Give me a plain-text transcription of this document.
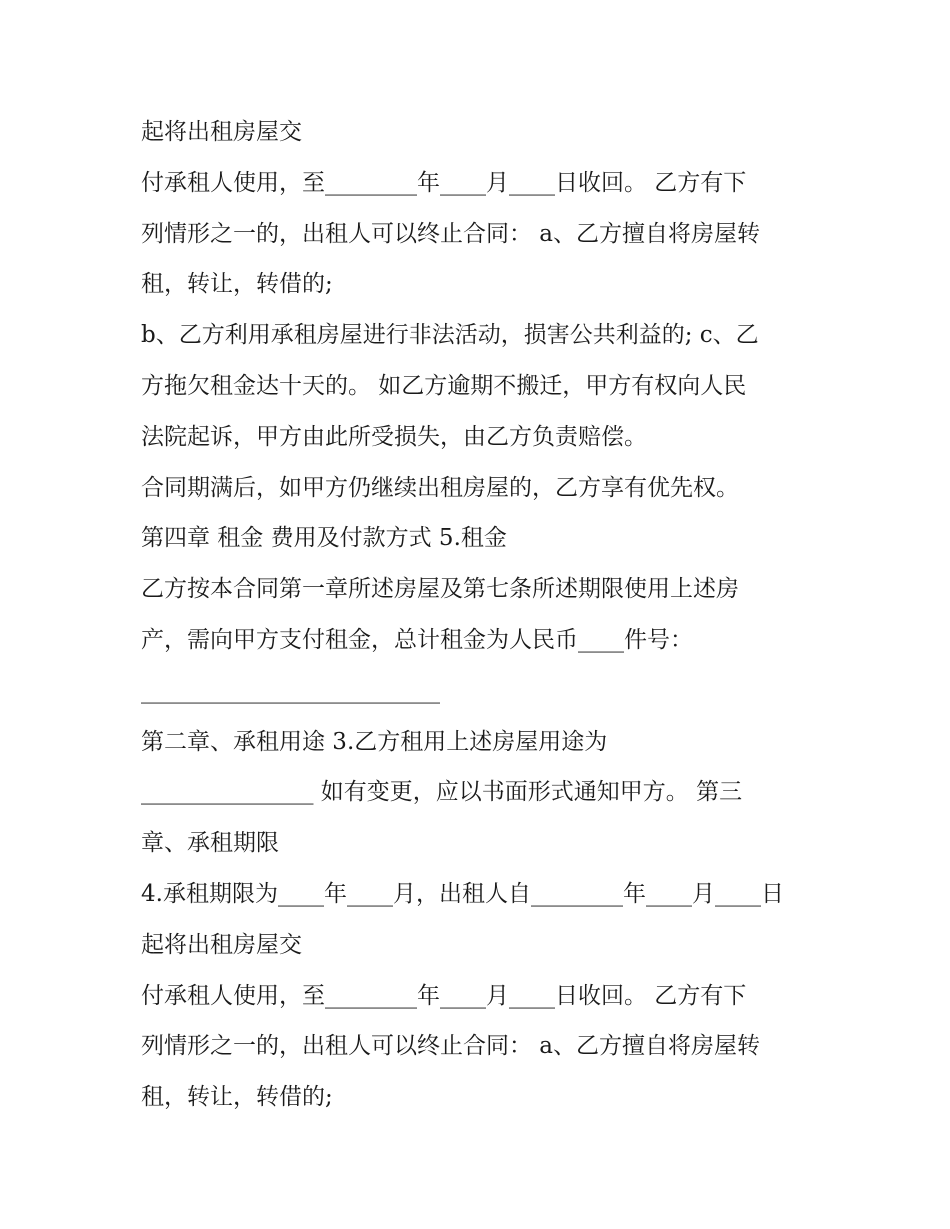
起将出租房屋交
付承租人使用，至________年____月____日收回。 乙方有下
列情形之一的，出租人可以终止合同： a、乙方擅自将房屋转
租，转让，转借的;
b、乙方利用承租房屋进行非法活动，损害公共利益的; c、乙
方拖欠租金达十天的。 如乙方逾期不搬迁，甲方有权向人民
法院起诉，甲方由此所受损失，由乙方负责赔偿。
合同期满后，如甲方仍继续出租房屋的，乙方享有优先权。
第四章 租金 费用及付款方式 5.租金
乙方按本合同第一章所述房屋及第七条所述期限使用上述房
产，需向甲方支付租金，总计租金为人民币____件号：
__________________________
第二章、承租用途 3.乙方租用上述房屋用途为
_______________ 如有变更，应以书面形式通知甲方。 第三
章、承租期限
4.承租期限为____年____月，出租人自________年____月____日
起将出租房屋交
付承租人使用，至________年____月____日收回。 乙方有下
列情形之一的，出租人可以终止合同： a、乙方擅自将房屋转
租，转让，转借的;
